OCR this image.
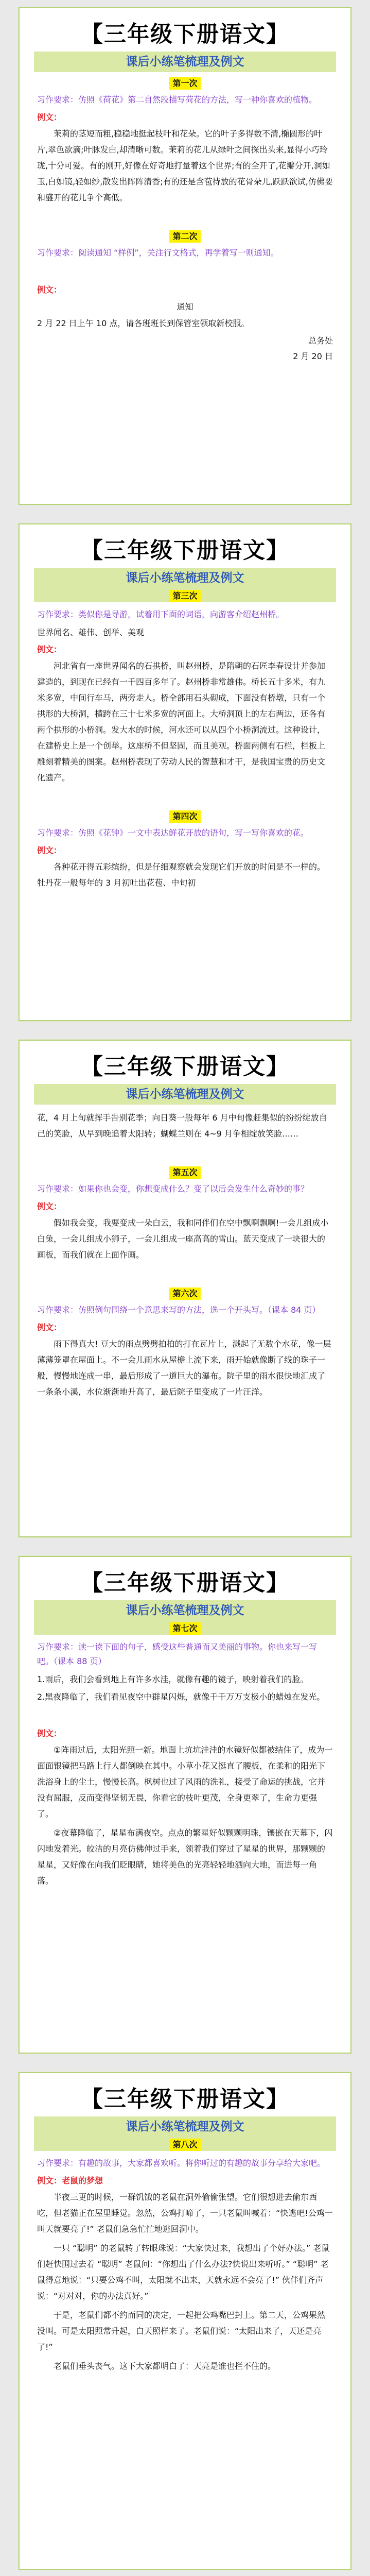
【三年级下册语文】
课后小练笔梳理及例文
第一次
习作要求：仿照《荷花》第二自然段描写荷花的方法，写一种你喜欢的植物。
例文：
茉莉的茎短而粗,稳稳地挺起枝叶和花朵。它的叶子多得数不清,椭圆形的叶片,翠色欲滴;叶脉发白,却清晰可数。茉莉的花儿从绿叶之间探出头来,显得小巧玲珑,十分可爱。有的刚开,好像在好奇地打量着这个世界;有的全开了,花瓣分开,洞如玉,白如镜,轻如纱,散发出阵阵清香;有的还是含苞待放的花骨朵儿,跃跃欲试,仿佛要和盛开的花儿争个高低。
第二次
习作要求：阅读通知 “样例”，关注行文格式，再学着写一则通知。
例文：
通知
2 月 22 日上午 10 点，请各班班长到保管室领取新校服。
总务处
2 月 20 日
【三年级下册语文】
课后小练笔梳理及例文
第三次
习作要求：类似你是导游，试着用下面的词语，向游客介绍赵州桥。
世界闻名、雄伟、创举、美观
例文：
河北省有一座世界闻名的石拱桥，叫赵州桥，是隋朝的石匠李春设计并参加建造的，到现在已经有一千四百多年了。赵州桥非常雄伟。桥长五十多米，有九米多宽，中间行车马，两旁走人。桥全部用石头砌成，下面没有桥墩，只有一个拱形的大桥洞，横跨在三十七米多宽的河面上。大桥洞顶上的左右两边，还各有两个拱形的小桥洞。发大水的时候，河水还可以从四个小桥洞流过。这种设计，在建桥史上是一个创举。这座桥不但坚固，而且美观。桥面两侧有石栏，栏板上雕刻着精美的图案。赵州桥表现了劳动人民的智慧和才干，是我国宝贵的历史文化遗产。
第四次
习作要求：仿照《花钟》一文中表达鲜花开放的语句，写一写你喜欢的花。
例文：
各种花开得五彩缤纷，但是仔细观察就会发现它们开放的时间是不一样的。牡丹花一般每年的 3 月初吐出花苞、中旬初
【三年级下册语文】
课后小练笔梳理及例文
花，4 月上旬就挥手告别花季；向日葵一般每年 6 月中旬像赶集似的纷纷绽放自己的笑脸，从早到晚追着太阳转；蝴蝶兰则在 4~9 月争相绽放笑脸……
第五次
习作要求：如果你也会变，你想变成什么？变了以后会发生什么奇妙的事？
例文：
假如我会变，我要变成一朵白云，我和同伴们在空中飘啊飘啊!一会儿组成小白兔，一会儿组成小狮子，一会儿组成一座高高的雪山。蓝天变成了一块很大的画板，而我们就在上面作画。
第六次
习作要求：仿照例句围绕一个意思来写的方法，选一个开头写。（课本 84 页）
例文：
雨下得真大! 豆大的雨点劈劈拍拍的打在瓦片上，溅起了无数个水花，像一层薄薄笼罩在屋面上。不一会儿雨水从屋檐上流下来，雨开始就像断了线的珠子一般，慢慢地连成一串，最后形成了一道巨大的瀑布。院子里的雨水很快地汇成了一条条小溪，水位渐渐地升高了，最后院子里变成了一片汪洋。
【三年级下册语文】
课后小练笔梳理及例文
第七次
习作要求：读一读下面的句子，感受这些普通而又美丽的事物。你也来写一写吧。（课本 88 页）
1.雨后，我们会看到地上有许多水洼，就像有趣的镜子，映射着我们的脸。
2.黑夜降临了，我们看见夜空中群星闪烁，就像千千万万支极小的蜡烛在发光。
例文：
①阵雨过后，太阳光照一新。地面上坑坑洼洼的水镜好似都被结住了，成为一面面银镜把马路上行人都倒映在其中。小草小花又挺直了腰板，在柔和的阳光下洗浴身上的尘土，慢慢长高。枫树也过了风雨的洗礼，接受了命运的挑战，它并没有屈服，反而变得坚韧无畏，你看它的枝叶更茂，全身更翠了，生命力更强了。
②夜幕降临了，星星布满夜空。点点的繁星好似颗颗明珠，镶嵌在天幕下，闪闪地发着光。皎洁的月亮仿佛伸过手来，领着我们穿过了星星的世界，那颗颗的星星，又好像在向我们眨眼睛，她将美色的光亮轻轻地洒向大地，而进每一角落。
【三年级下册语文】
课后小练笔梳理及例文
第八次
习作要求：有趣的故事，大家都喜欢听。将你听过的有趣的故事分享给大家吧。
例文：老鼠的梦想
半夜三更的时候，一群饥饿的老鼠在洞外偷偷张望。它们很想进去偷东西吃，但老猫正在屋里睡觉。忽然，公鸡打啼了，一只老鼠叫喊着：“快逃吧!公鸡一叫天就要亮了!” 老鼠们急急忙忙地逃回洞中。
一只 “聪明” 的老鼠转了转眼珠说：“大家快过来，我想出了个好办法。” 老鼠们赶快围过去着 “聪明” 老鼠问：“你想出了什么办法?快说出来听听。” “聪明” 老鼠得意地说：“只要公鸡不叫，太阳就不出来，天就永远不会亮了!” 伙伴们齐声说：“对对对，你的办法真好。”
于是，老鼠们都不约而同的决定，一起把公鸡嘴巴封上。第二天，公鸡果然没叫。可是太阳照常升起，白天照样来了。老鼠们说：“太阳出来了，天还是亮了!”
老鼠们垂头丧气。这下大家都明白了：天亮是谁也拦不住的。
